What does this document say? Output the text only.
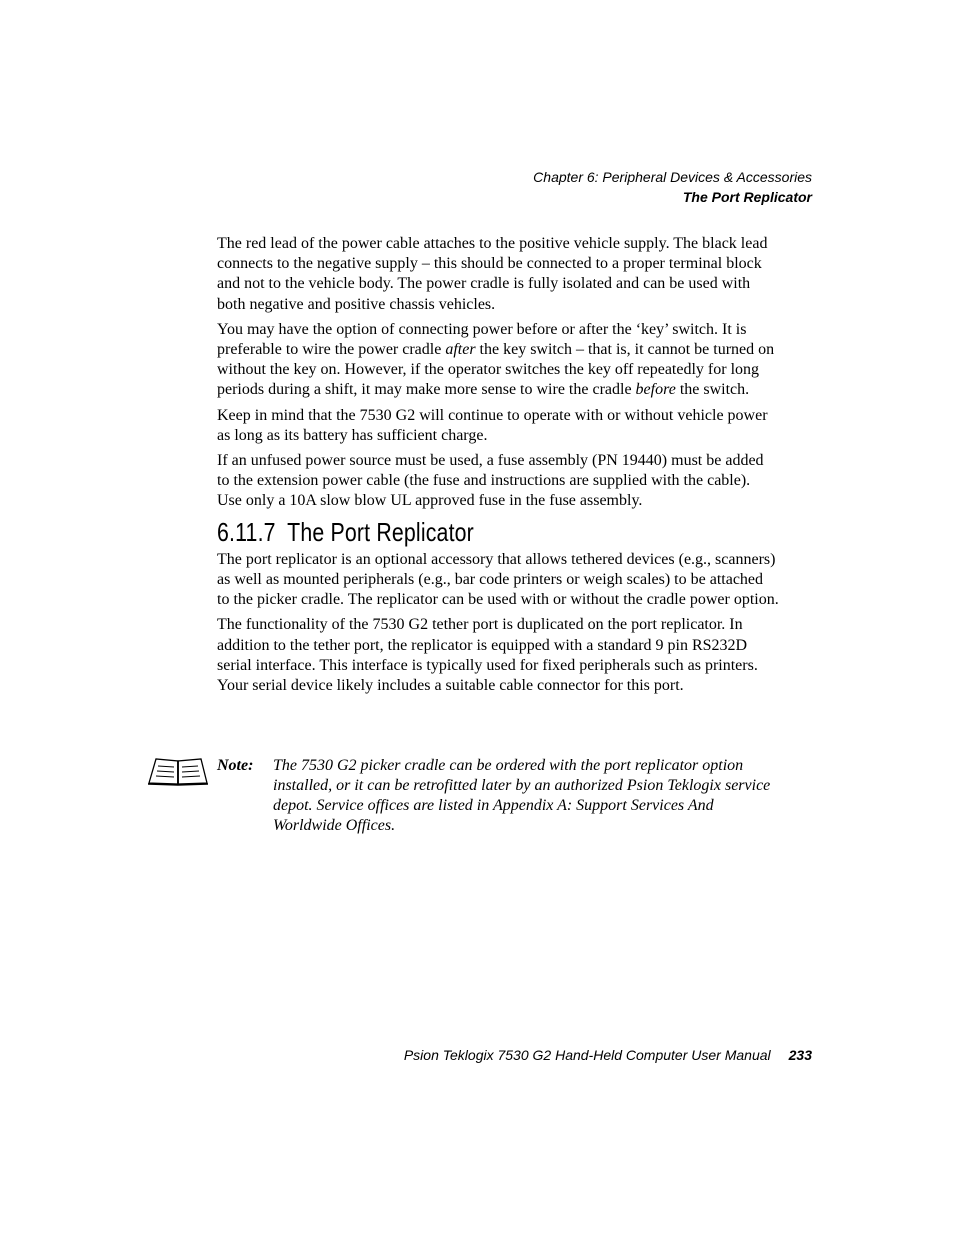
Chapter 6: Peripheral Devices & Accessories
The Port Replicator

The red lead of the power cable attaches to the positive vehicle supply. The black lead connects to the negative supply – this should be connected to a proper terminal block and not to the vehicle body. The power cradle is fully isolated and can be used with both negative and positive chassis vehicles.

You may have the option of connecting power before or after the ‘key’ switch. It is preferable to wire the power cradle after the key switch – that is, it cannot be turned on without the key on. However, if the operator switches the key off repeatedly for long periods during a shift, it may make more sense to wire the cradle before the switch.

Keep in mind that the 7530 G2 will continue to operate with or without vehicle power as long as its battery has sufficient charge.

If an unfused power source must be used, a fuse assembly (PN 19440) must be added to the extension power cable (the fuse and instructions are supplied with the cable). Use only a 10A slow blow UL approved fuse in the fuse assembly.

6.11.7 The Port Replicator

The port replicator is an optional accessory that allows tethered devices (e.g., scanners) as well as mounted peripherals (e.g., bar code printers or weigh scales) to be attached to the picker cradle. The replicator can be used with or without the cradle power option.

The functionality of the 7530 G2 tether port is duplicated on the port replicator. In addition to the tether port, the replicator is equipped with a standard 9 pin RS232D serial interface. This interface is typically used for fixed peripherals such as printers. Your serial device likely includes a suitable cable connector for this port.

Note: The 7530 G2 picker cradle can be ordered with the port replicator option installed, or it can be retrofitted later by an authorized Psion Teklogix service depot. Service offices are listed in Appendix A: Support Services And Worldwide Offices.
Psion Teklogix 7530 G2 Hand-Held Computer User Manual 233
